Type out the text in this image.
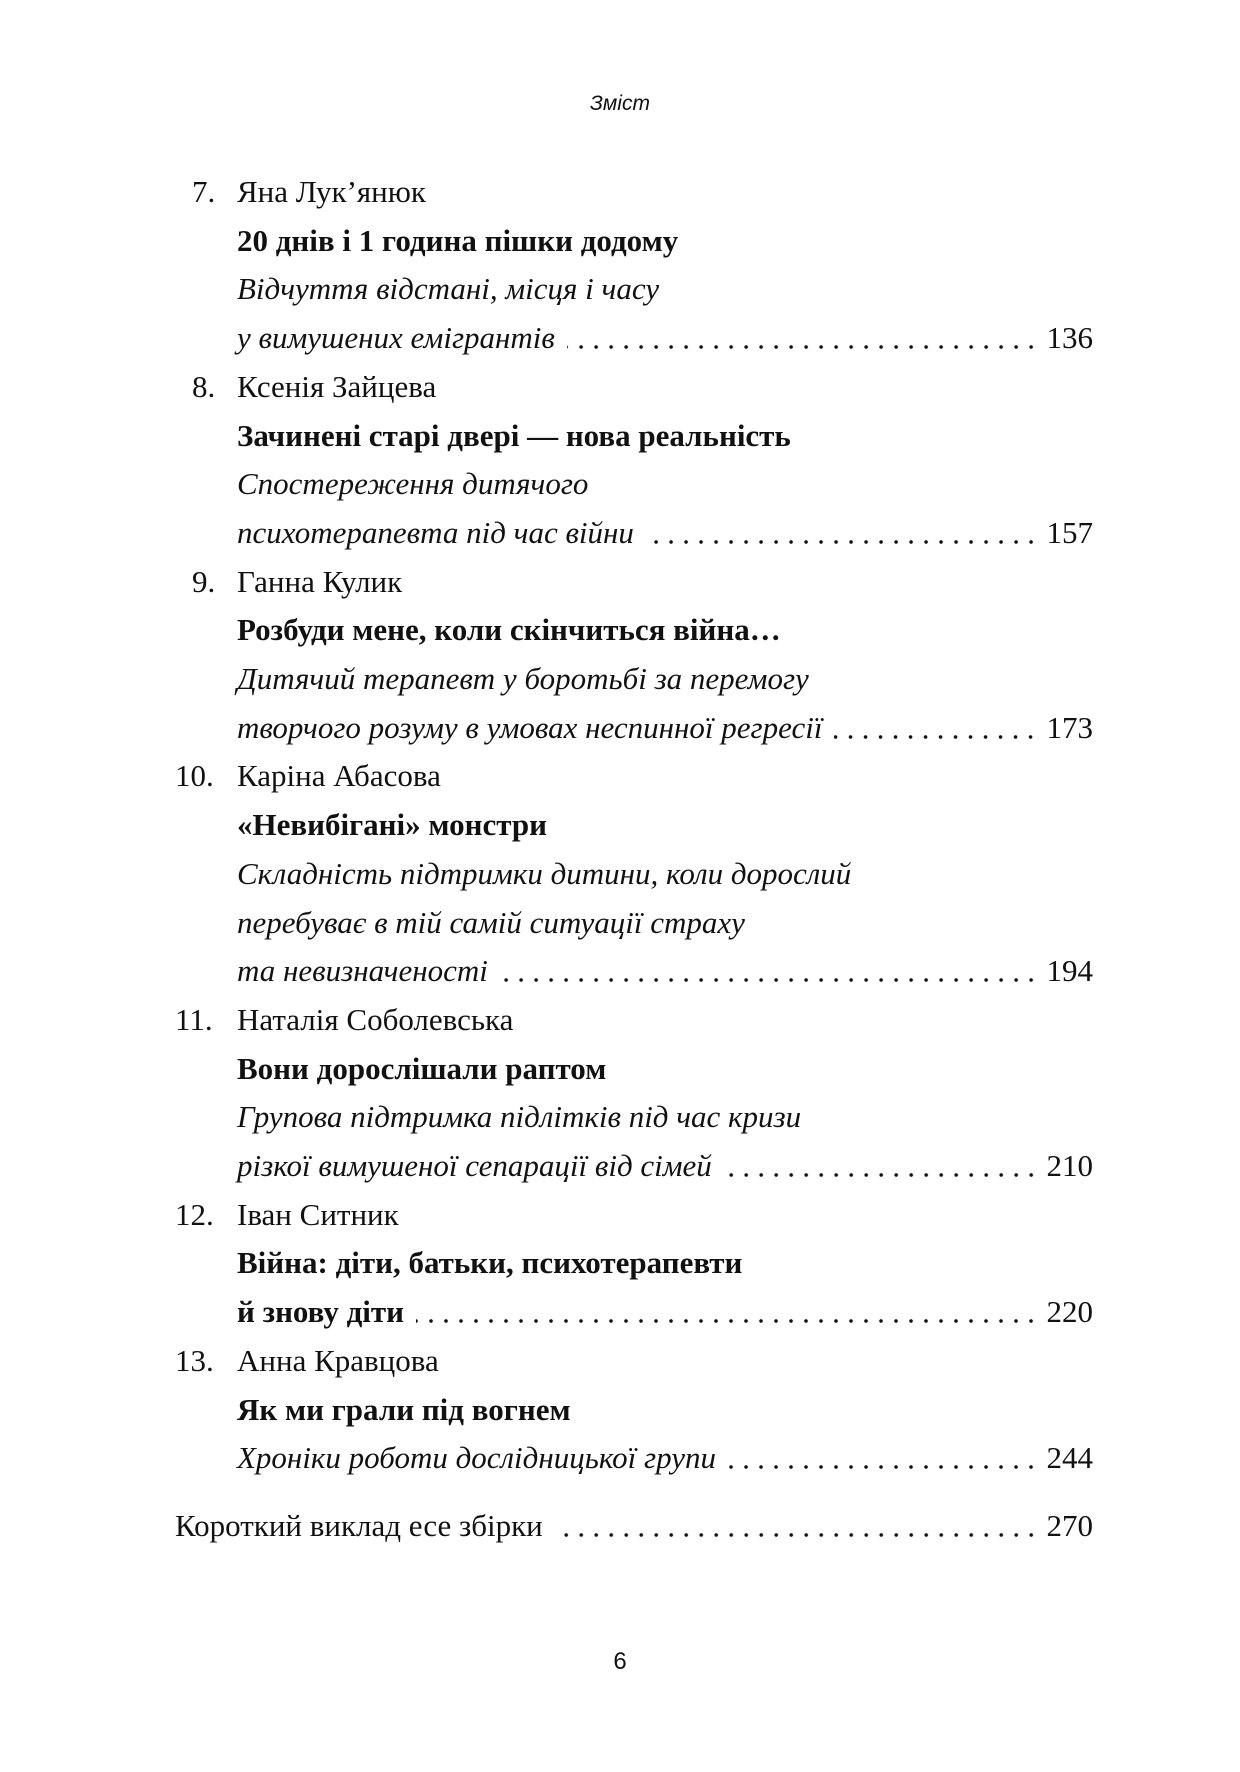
Зміст
7. Яна Лук’янюк
20 днів і 1 година пішки додому
Відчуття відстані, місця і часу
у вимушених емігрантів	136
8. Ксенія Зайцева
Зачинені старі двері — нова реальність
Спостереження дитячого
психотерапевта під час війни	157
9. Ганна Кулик
Розбуди мене, коли скінчиться війна…
Дитячий терапевт у боротьбі за перемогу
творчого розуму в умовах неспинної регресії	173
10. Каріна Абасова
«Невибігані» монстри
Складність підтримки дитини, коли дорослий
перебуває в тій самій ситуації страху
та невизначеності	194
11. Наталія Соболевська
Вони дорослішали раптом
Групова підтримка підлітків під час кризи
різкої вимушеної сепарації від сімей	210
12. Іван Ситник
Війна: діти, батьки, психотерапевти
й знову діти	220
13. Анна Кравцова
Як ми грали під вогнем
Хроніки роботи дослідницької групи	244
Короткий виклад есе збірки	270
6
